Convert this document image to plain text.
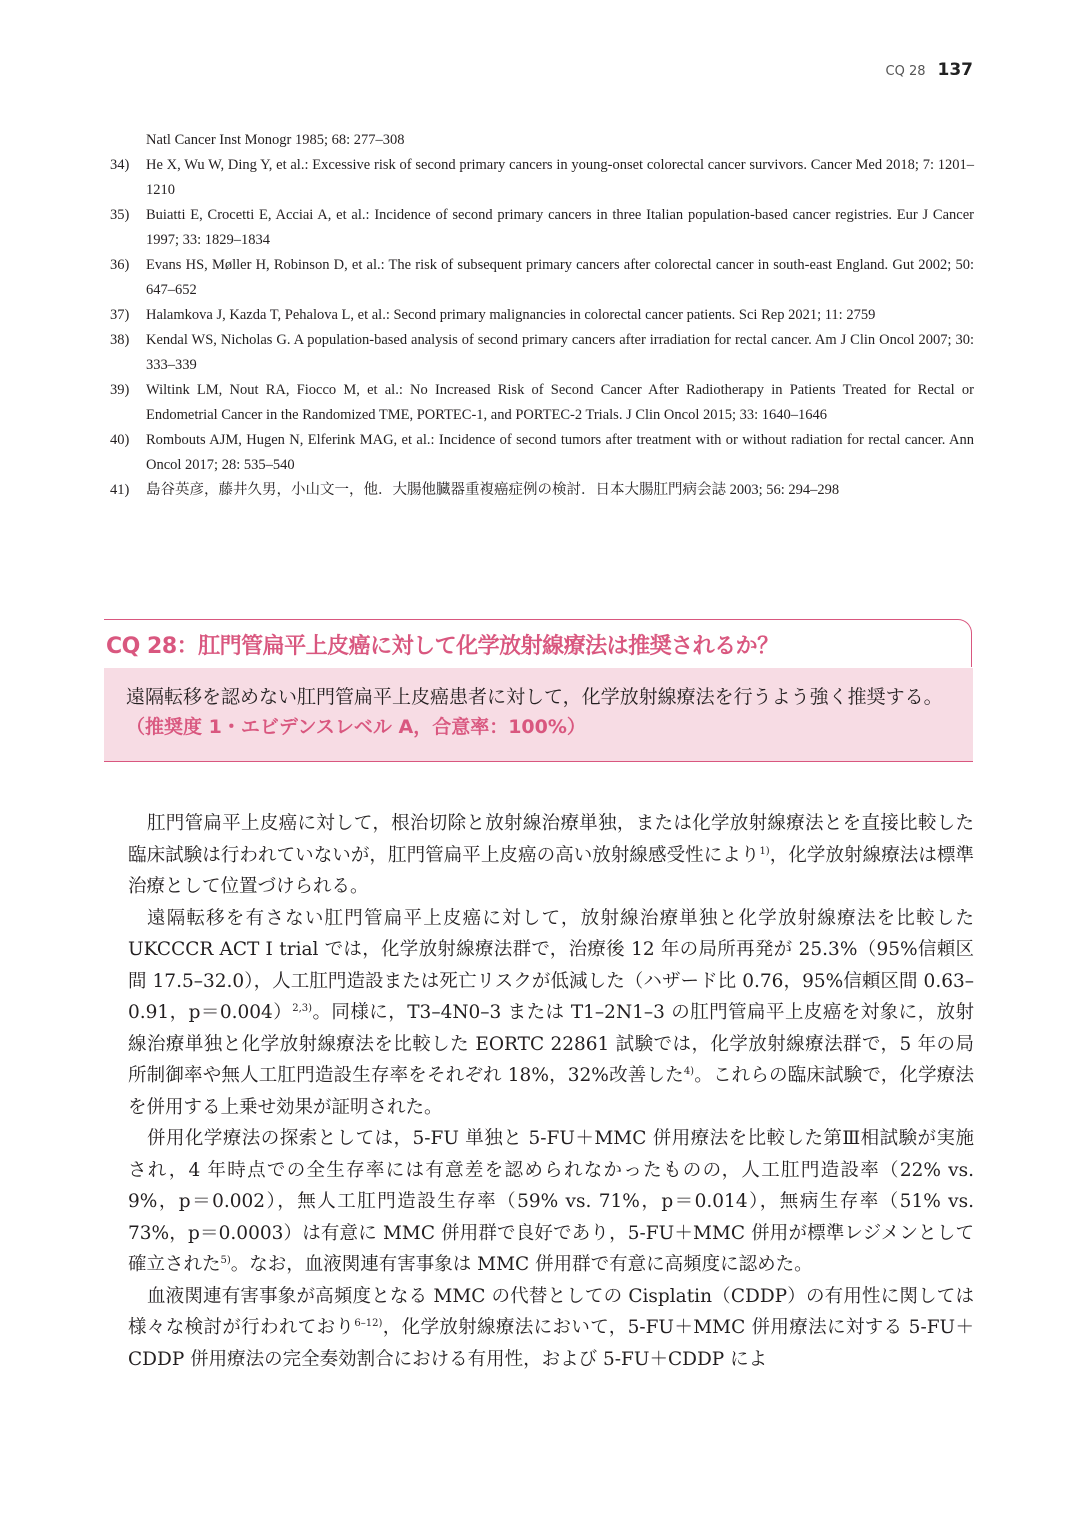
CQ 28 137
Natl Cancer Inst Monogr 1985; 68: 277–308
34) He X, Wu W, Ding Y, et al.: Excessive risk of second primary cancers in young-onset colorectal cancer survivors. Cancer Med 2018; 7: 1201–1210
35) Buiatti E, Crocetti E, Acciai A, et al.: Incidence of second primary cancers in three Italian population-based cancer registries. Eur J Cancer 1997; 33: 1829–1834
36) Evans HS, Møller H, Robinson D, et al.: The risk of subsequent primary cancers after colorectal cancer in south-east England. Gut 2002; 50: 647–652
37) Halamkova J, Kazda T, Pehalova L, et al.: Second primary malignancies in colorectal cancer patients. Sci Rep 2021; 11: 2759
38) Kendal WS, Nicholas G. A population-based analysis of second primary cancers after irradiation for rectal cancer. Am J Clin Oncol 2007; 30: 333–339
39) Wiltink LM, Nout RA, Fiocco M, et al.: No Increased Risk of Second Cancer After Radiotherapy in Patients Treated for Rectal or Endometrial Cancer in the Randomized TME, PORTEC-1, and PORTEC-2 Trials. J Clin Oncol 2015; 33: 1640–1646
40) Rombouts AJM, Hugen N, Elferink MAG, et al.: Incidence of second tumors after treatment with or without radiation for rectal cancer. Ann Oncol 2017; 28: 535–540
41) 島谷英彦，藤井久男，小山文一，他．大腸他臓器重複癌症例の検討．日本大腸肛門病会誌 2003; 56: 294–298
CQ 28：肛門管扁平上皮癌に対して化学放射線療法は推奨されるか？
遠隔転移を認めない肛門管扁平上皮癌患者に対して，化学放射線療法を行うよう強く推奨する。（推奨度 1・エビデンスレベル A，合意率：100%）

肛門管扁平上皮癌に対して，根治切除と放射線治療単独，または化学放射線療法とを直接比較した臨床試験は行われていないが，肛門管扁平上皮癌の高い放射線感受性により$^{1)}$，化学放射線療法は標準治療として位置づけられる。

遠隔転移を有さない肛門管扁平上皮癌に対して，放射線治療単独と化学放射線療法を比較した UKCCCR ACT Ⅰ trial では，化学放射線療法群で，治療後 12 年の局所再発が 25.3%（95%信頼区間 17.5–32.0），人工肛門造設または死亡リスクが低減した（ハザード比 0.76，95%信頼区間 0.63–0.91，p＝0.004）$^{2,3)}$。同様に，T3–4N0–3 または T1–2N1–3 の肛門管扁平上皮癌を対象に，放射線治療単独と化学放射線療法を比較した EORTC 22861 試験では，化学放射線療法群で，5 年の局所制御率や無人工肛門造設生存率をそれぞれ 18%，32%改善した$^{4)}$。これらの臨床試験で，化学療法を併用する上乗せ効果が証明された。

併用化学療法の探索としては，5-FU 単独と 5-FU＋MMC 併用療法を比較した第Ⅲ相試験が実施され，4 年時点での全生存率には有意差を認められなかったものの，人工肛門造設率（22% vs. 9%，p＝0.002），無人工肛門造設生存率（59% vs. 71%，p＝0.014），無病生存率（51% vs. 73%，p＝0.0003）は有意に MMC 併用群で良好であり，5-FU＋MMC 併用が標準レジメンとして確立された$^{5)}$。なお，血液関連有害事象は MMC 併用群で有意に高頻度に認めた。

血液関連有害事象が高頻度となる MMC の代替としての Cisplatin（CDDP）の有用性に関しては様々な検討が行われており$^{6-12)}$，化学放射線療法において，5-FU＋MMC 併用療法に対する 5-FU＋CDDP 併用療法の完全奏効割合における有用性，および 5-FU＋CDDP によ
